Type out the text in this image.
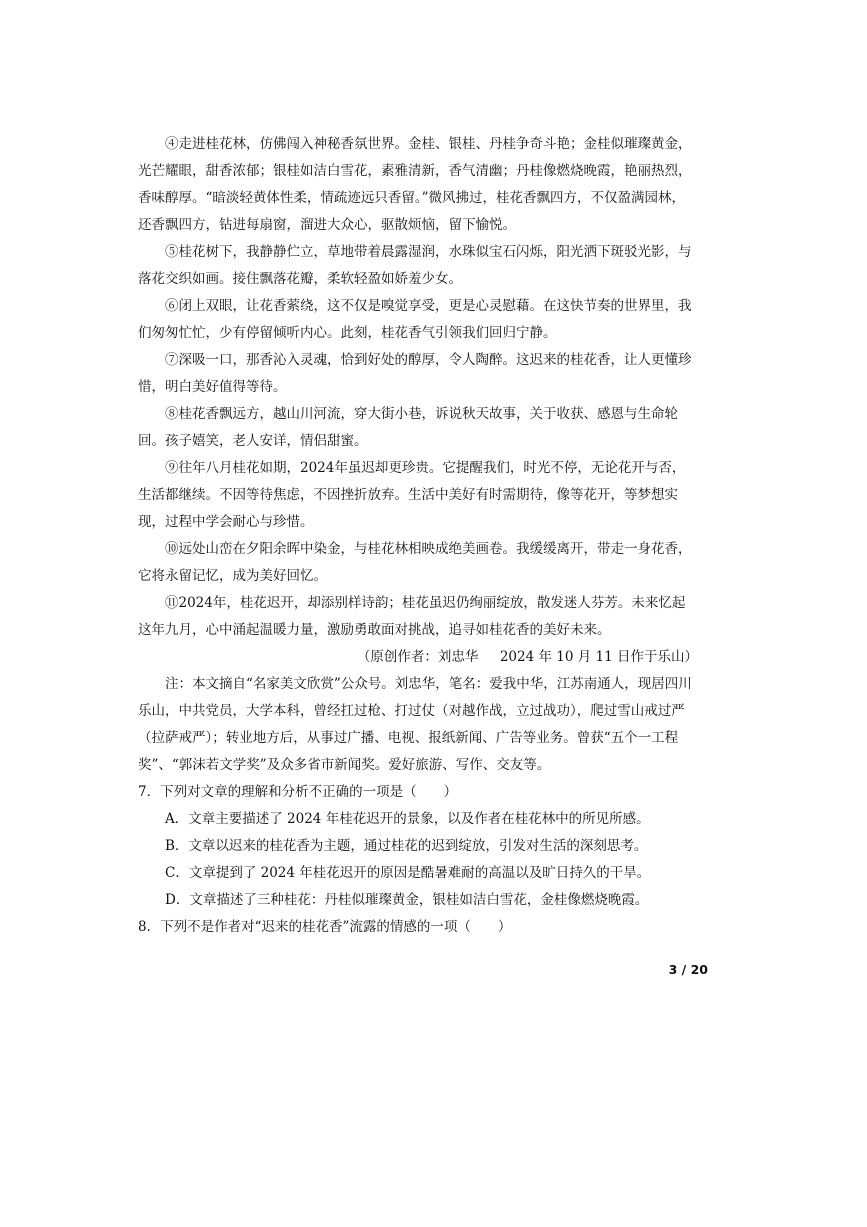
④走进桂花林，仿佛闯入神秘香氛世界。金桂、银桂、丹桂争奇斗艳；金桂似璀璨黄金，光芒耀眼，甜香浓郁；银桂如洁白雪花，素雅清新，香气清幽；丹桂像燃烧晚霞，艳丽热烈，香味醇厚。“暗淡轻黄体性柔，情疏迹远只香留。”微风拂过，桂花香飘四方，不仅盈满园林，还香飘四方，钻进每扇窗，溜进大众心，驱散烦恼，留下愉悦。

⑤桂花树下，我静静伫立，草地带着晨露湿润，水珠似宝石闪烁，阳光洒下斑驳光影，与落花交织如画。接住飘落花瓣，柔软轻盈如娇羞少女。

⑥闭上双眼，让花香萦绕，这不仅是嗅觉享受，更是心灵慰藉。在这快节奏的世界里，我们匆匆忙忙，少有停留倾听内心。此刻，桂花香气引领我们回归宁静。

⑦深吸一口，那香沁入灵魂，恰到好处的醇厚，令人陶醉。这迟来的桂花香，让人更懂珍惜，明白美好值得等待。

⑧桂花香飘远方，越山川河流，穿大街小巷，诉说秋天故事，关于收获、感恩与生命轮回。孩子嬉笑，老人安详，情侣甜蜜。

⑨往年八月桂花如期，2024年虽迟却更珍贵。它提醒我们，时光不停，无论花开与否，生活都继续。不因等待焦虑，不因挫折放弃。生活中美好有时需期待，像等花开，等梦想实现，过程中学会耐心与珍惜。

⑩远处山峦在夕阳余晖中染金，与桂花林相映成绝美画卷。我缓缓离开，带走一身花香，它将永留记忆，成为美好回忆。

⑪2024年，桂花迟开，却添别样诗韵；桂花虽迟仍绚丽绽放，散发迷人芬芳。未来忆起这年九月，心中涌起温暖力量，激励勇敢面对挑战，追寻如桂花香的美好未来。

（原创作者：刘忠华     2024 年 10 月 11 日作于乐山）

注：本文摘自“名家美文欣赏”公众号。刘忠华，笔名：爱我中华，江苏南通人，现居四川乐山，中共党员，大学本科，曾经扛过枪、打过仗（对越作战，立过战功），爬过雪山戒过严（拉萨戒严）；转业地方后，从事过广播、电视、报纸新闻、广告等业务。曾获“五个一工程奖”、“郭沫若文学奖”及众多省市新闻奖。爱好旅游、写作、交友等。

7．下列对文章的理解和分析不正确的一项是（　　）

A．文章主要描述了 2024 年桂花迟开的景象，以及作者在桂花林中的所见所感。

B．文章以迟来的桂花香为主题，通过桂花的迟到绽放，引发对生活的深刻思考。

C．文章提到了 2024 年桂花迟开的原因是酷暑难耐的高温以及旷日持久的干旱。

D．文章描述了三种桂花：丹桂似璀璨黄金，银桂如洁白雪花，金桂像燃烧晚霞。

8．下列不是作者对“迟来的桂花香”流露的情感的一项（　　）

3 / 20
